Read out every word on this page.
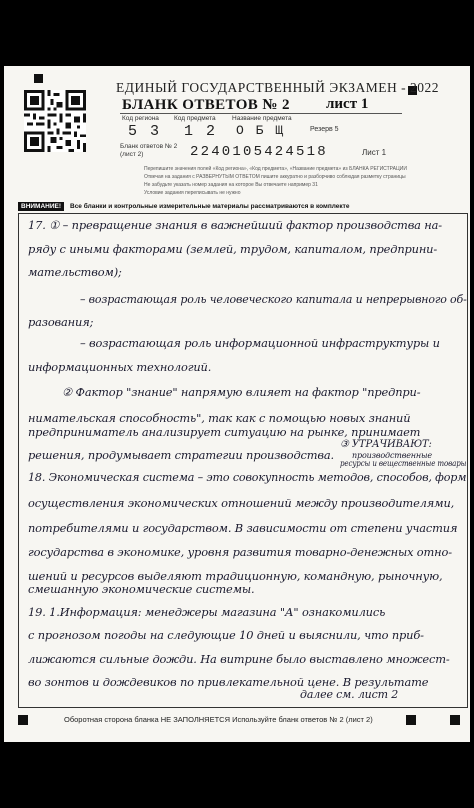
ЕДИНЫЙ ГОСУДАРСТВЕННЫЙ ЭКЗАМЕН - 2022
БЛАНК ОТВЕТОВ № 2 лист 1
Код региона Код предмета	Название предмета
5 3 1 2 О Б Щ	Резерв 5
Бланк ответов № 2 (лист 2)	2240105424518	Лист 1
Перепишите значения полей «Код региона», «Код предмета», «Название предмета» из БЛАНКА РЕГИСТРАЦИИ
Отвечая на задания с РАЗВЕРНУТЫМ ОТВЕТОМ пишите аккуратно и разборчиво соблюдая разметку страницы
Не забудьте указать номер задания на которое Вы отвечаете например 31
Условие задания переписывать не нужно
ВНИМАНИЕ!	Все бланки и контрольные измерительные материалы рассматриваются в комплекте
17. ① – превращение знания в важнейший фактор производства на-
ряду с иными факторами (землей, трудом, капиталом, предприни-
мательством);
– возрастающая роль человеческого капитала и непрерывного об-
разования;
– возрастающая роль информационной инфраструктуры и
информационных технологий.
② Фактор "знание" напрямую влияет на фактор "предпри-
нимательская способность", так как с помощью новых знаний
предприниматель анализирует ситуацию на рынке, принимает
решения, продумывает стратегии производства.
③ УТРАЧИВАЮТ:
производственные
ресурсы и вещественные товары
18. Экономическая система – это совокупность методов, способов, форм
осуществления экономических отношений между производителями,
потребителями и государством. В зависимости от степени участия
государства в экономике, уровня развития товарно-денежных отно-
шений и ресурсов выделяют традиционную, командную, рыночную,
смешанную экономические системы.
19. 1.Информация: менеджеры магазина "А" ознакомились
с прогнозом погоды на следующие 10 дней и выяснили, что приб-
лижаются сильные дожди. На витрине было выставлено множест-
во зонтов и дождевиков по привлекательной цене. В результате
далее см. лист 2
Оборотная сторона бланка НЕ ЗАПОЛНЯЕТСЯ Используйте бланк ответов № 2 (лист 2)
